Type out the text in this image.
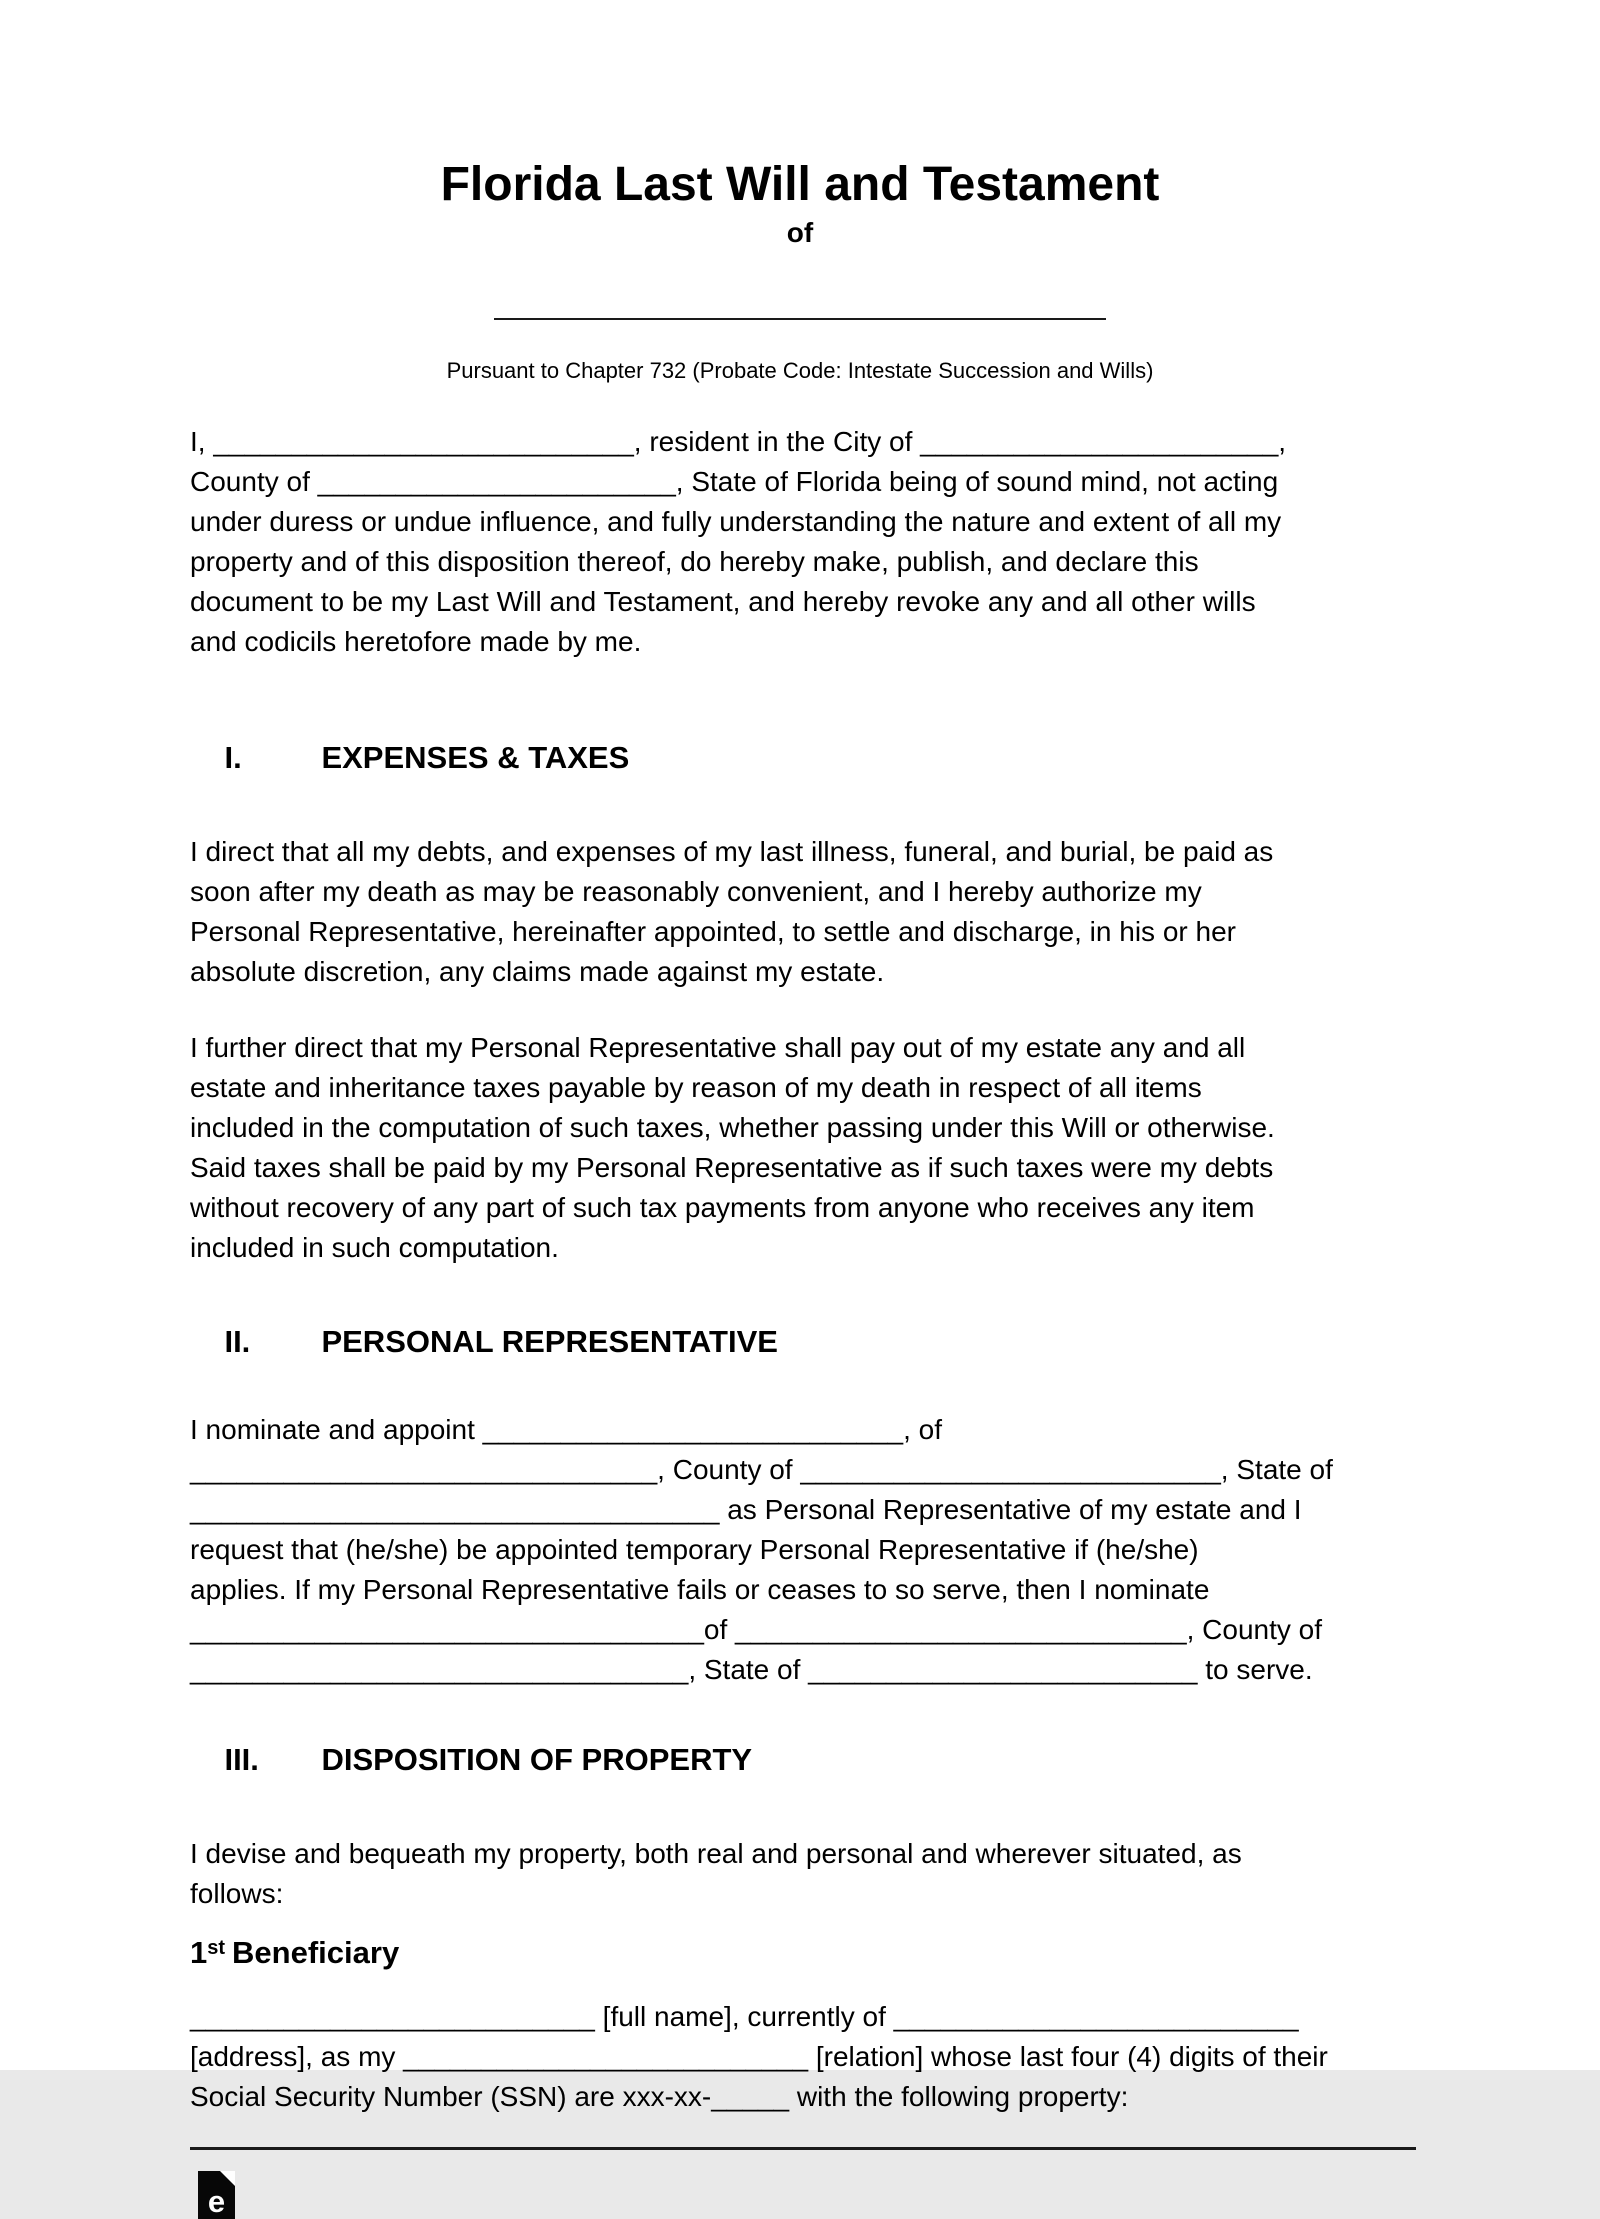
Florida Last Will and Testament
of
Pursuant to Chapter 732 (Probate Code: Intestate Succession and Wills)
I, ___________________________, resident in the City of _______________________,
County of _______________________, State of Florida being of sound mind, not acting
under duress or undue influence, and fully understanding the nature and extent of all my
property and of this disposition thereof, do hereby make, publish, and declare this
document to be my Last Will and Testament, and hereby revoke any and all other wills
and codicils heretofore made by me.

I.	EXPENSES & TAXES

I direct that all my debts, and expenses of my last illness, funeral, and burial, be paid as
soon after my death as may be reasonably convenient, and I hereby authorize my
Personal Representative, hereinafter appointed, to settle and discharge, in his or her
absolute discretion, any claims made against my estate.
I further direct that my Personal Representative shall pay out of my estate any and all
estate and inheritance taxes payable by reason of my death in respect of all items
included in the computation of such taxes, whether passing under this Will or otherwise.
Said taxes shall be paid by my Personal Representative as if such taxes were my debts
without recovery of any part of such tax payments from anyone who receives any item
included in such computation.

II. PERSONAL REPRESENTATIVE

I nominate and appoint ___________________________, of
______________________________, County of ___________________________, State of
__________________________________ as Personal Representative of my estate and I
request that (he/she) be appointed temporary Personal Representative if (he/she)
applies. If my Personal Representative fails or ceases to so serve, then I nominate
_________________________________of _____________________________, County of
________________________________, State of _________________________ to serve.

III. DISPOSITION OF PROPERTY

I devise and bequeath my property, both real and personal and wherever situated, as
follows:
1st Beneficiary
__________________________ [full name], currently of __________________________
[address], as my __________________________ [relation] whose last four (4) digits of their
Social Security Number (SSN) are xxx-xx-_____ with the following property:
e
